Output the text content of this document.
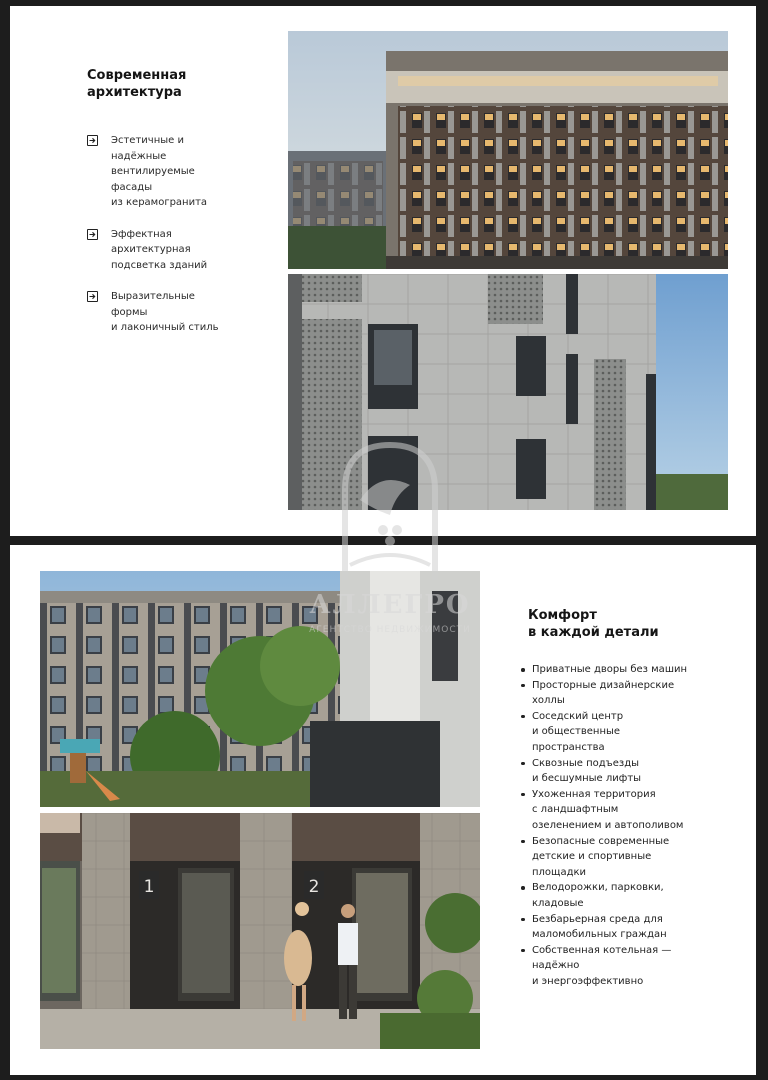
Современная
архитектура
Эстетичные и
надёжные
вентилируемые
фасады
из керамогранита
Эффектная
архитектурная
подсветка зданий
Выразительные
формы
и лаконичный стиль
1	2
Комфорт
в каждой детали
Приватные дворы без машин
Просторные дизайнерские
холлы
Соседский центр
и общественные
пространства
Сквозные подъезды
и бесшумные лифты
Ухоженная территория
с ландшафтным
озеленением и автополивом
Безопасные современные
детские и спортивные
площадки
Велодорожки, парковки,
кладовые
Безбарьерная среда для
маломобильных граждан
Собственная котельная —
надёжно
и энергоэффективно
АЛЛЕГРО
АГЕНТСТВО НЕДВИЖИМОСТИ
